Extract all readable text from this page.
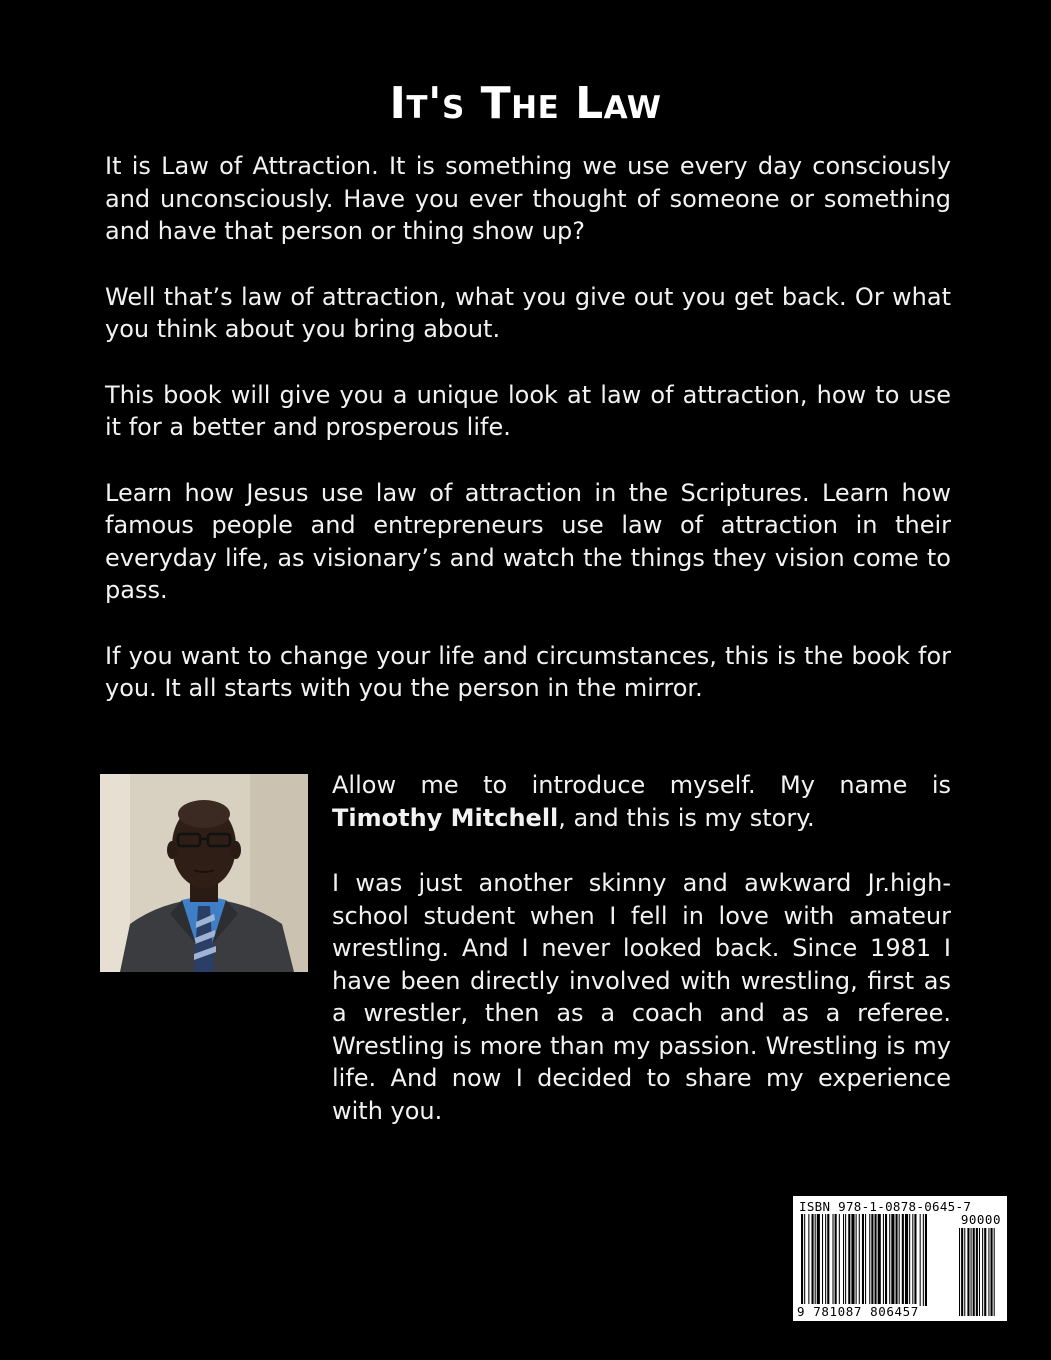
It's The Law

It is Law of Attraction. It is something we use every day consciously and unconsciously. Have you ever thought of someone or something and have that person or thing show up?

Well that’s law of attraction, what you give out you get back. Or what you think about you bring about.

This book will give you a unique look at law of attraction, how to use it for a better and prosperous life.

Learn how Jesus use law of attraction in the Scriptures. Learn how famous people and entrepreneurs use law of attraction in their everyday life, as visionary’s and watch the things they vision come to pass.

If you want to change your life and circumstances, this is the book for you. It all starts with you the person in the mirror.

Allow me to introduce myself. My name is Timothy Mitchell, and this is my story.

I was just another skinny and awkward Jr.high-school student when I fell in love with amateur wrestling. And I never looked back. Since 1981 I have been directly involved with wrestling, first as a wrestler, then as a coach and as a referee. Wrestling is more than my passion. Wrestling is my life. And now I decided to share my experience with you.

ISBN 978-1-0878-0645-7
90000
9 781087 806457
